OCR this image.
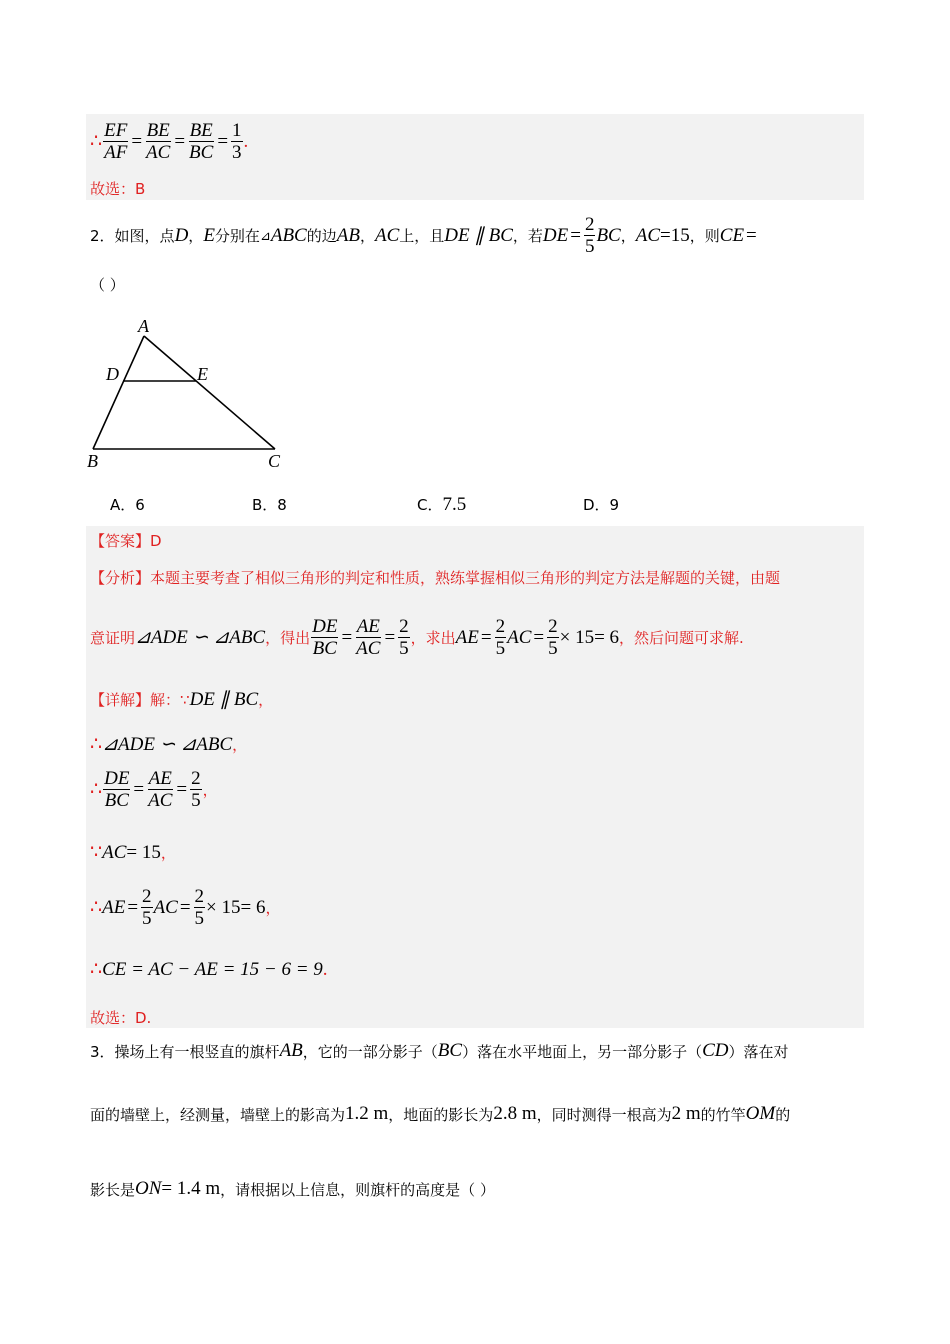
∴ $\frac{EF}{AF} = \frac{BE}{AC} = \frac{BE}{BC} = \frac{1}{3}$ .
故选：B
2． 如图，点 D ， E 分别在 ⊿ ABC 的边 AB ， AC 上，且 DE ∥ BC ，若 DE = $\frac{2}{5}$ BC ， AC =15 ，则 CE =
（ ）
A
D	E
B	C
A．6	B．8	C．7.5	D．9
【答案】D
【分析】 本题主要考查了相似三角形的判定和性质，熟练掌握相似三角形的判定方法是解题的关键，由题
意证明 ⊿ADE ∽ ⊿ABC ，得出 $\frac{DE}{BC} = \frac{AE}{AC} = \frac{2}{5}$ ，求出 AE = $\frac{2}{5}$ AC = $\frac{2}{5} \times 15 = 6$ ，然后问题可求解.
【详解】 解：∵ DE ∥ BC ，
∴ ⊿ADE ∽ ⊿ABC ，
∴ $\frac{DE}{BC} = \frac{AE}{AC} = \frac{2}{5}$ ，
∵ AC = 15 ，
∴ AE = $\frac{2}{5}$ AC = $\frac{2}{5} \times 15 = 6$ ，
∴ CE = AC − AE = 15 − 6 = 9 .
故选：D.
3． 操场上有一根竖直的旗杆 AB ，它的一部分影子（ BC ）落在水平地面上，另一部分影子（ CD ）落在对
面的墙壁上，经测量，墙壁上的影高为 1.2 m ，地面的影长为 2.8 m ，同时测得一根高为 2 m 的竹竿 OM 的
影长是 ON = 1.4 m ，请根据以上信息，则旗杆的高度是（ ）
